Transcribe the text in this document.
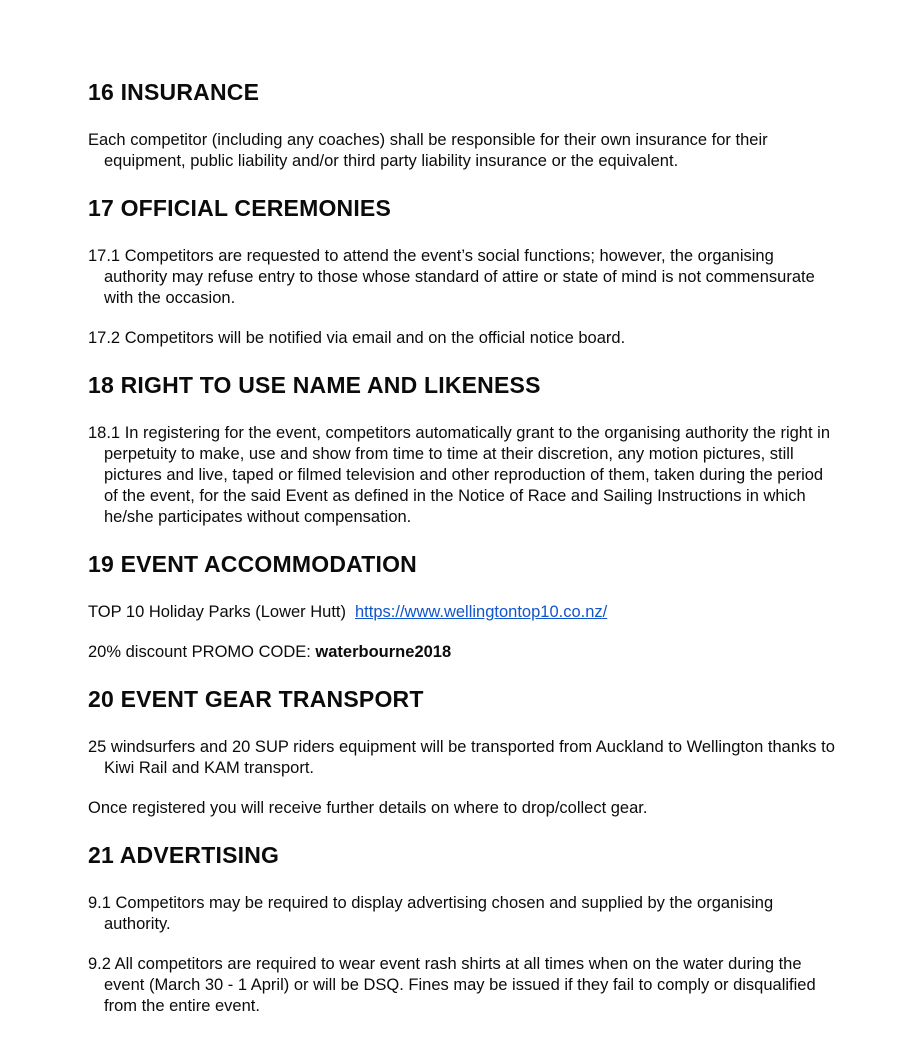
16 INSURANCE

Each competitor (including any coaches) shall be responsible for their own insurance for their equipment, public liability and/or third party liability insurance or the equivalent.

17 OFFICIAL CEREMONIES

17.1 Competitors are requested to attend the event’s social functions; however, the organising authority may refuse entry to those whose standard of attire or state of mind is not commensurate with the occasion.

17.2 Competitors will be notified via email and on the official notice board.

18 RIGHT TO USE NAME AND LIKENESS

18.1 In registering for the event, competitors automatically grant to the organising authority the right in perpetuity to make, use and show from time to time at their discretion, any motion pictures, still pictures and live, taped or filmed television and other reproduction of them, taken during the period of the event, for the said Event as defined in the Notice of Race and Sailing Instructions in which he/she participates without compensation.

19 EVENT ACCOMMODATION

TOP 10 Holiday Parks (Lower Hutt) https://www.wellingtontop10.co.nz/

20% discount PROMO CODE: waterbourne2018

20 EVENT GEAR TRANSPORT

25 windsurfers and 20 SUP riders equipment will be transported from Auckland to Wellington thanks to Kiwi Rail and KAM transport.

Once registered you will receive further details on where to drop/collect gear.

21 ADVERTISING

9.1 Competitors may be required to display advertising chosen and supplied by the organising authority.

9.2 All competitors are required to wear event rash shirts at all times when on the water during the event (March 30 - 1 April) or will be DSQ. Fines may be issued if they fail to comply or disqualified from the entire event.
